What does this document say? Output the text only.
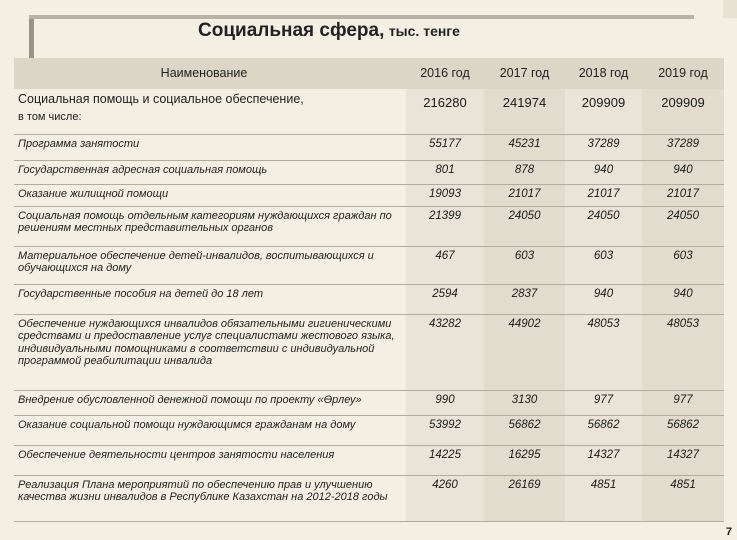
Социальная сфера, тыс. тенге
Наименование	2016 год	2017 год	2018 год	2019 год
Социальная помощь и социальное обеспечение,
в том числе:	216280	241974	209909	209909
Программа занятости	55177	45231	37289	37289
Государственная адресная социальная помощь	801	878	940	940
Оказание жилищной помощи	19093	21017	21017	21017
Социальная помощь отдельным категориям нуждающихся граждан по решениям местных представительных органов	21399	24050	24050	24050
Материальное обеспечение детей-инвалидов, воспитывающихся и обучающихся на дому	467	603	603	603
Государственные пособия на детей до 18 лет	2594	2837	940	940
Обеспечение нуждающихся инвалидов обязательными гигиеническими средствами и предоставление услуг специалистами жестового языка, индивидуальными помощниками в соответствии с индивидуальной программой реабилитации инвалида	43282	44902	48053	48053
Внедрение обусловленной денежной помощи по проекту «Өрлеу»	990	3130	977	977
Оказание социальной помощи нуждающимся гражданам на дому	53992	56862	56862	56862
Обеспечение деятельности центров занятости населения	14225	16295	14327	14327
Реализация Плана мероприятий по обеспечению прав и улучшению качества жизни инвалидов в Республике Казахстан на 2012-2018 годы	4260	26169	4851	4851
7
